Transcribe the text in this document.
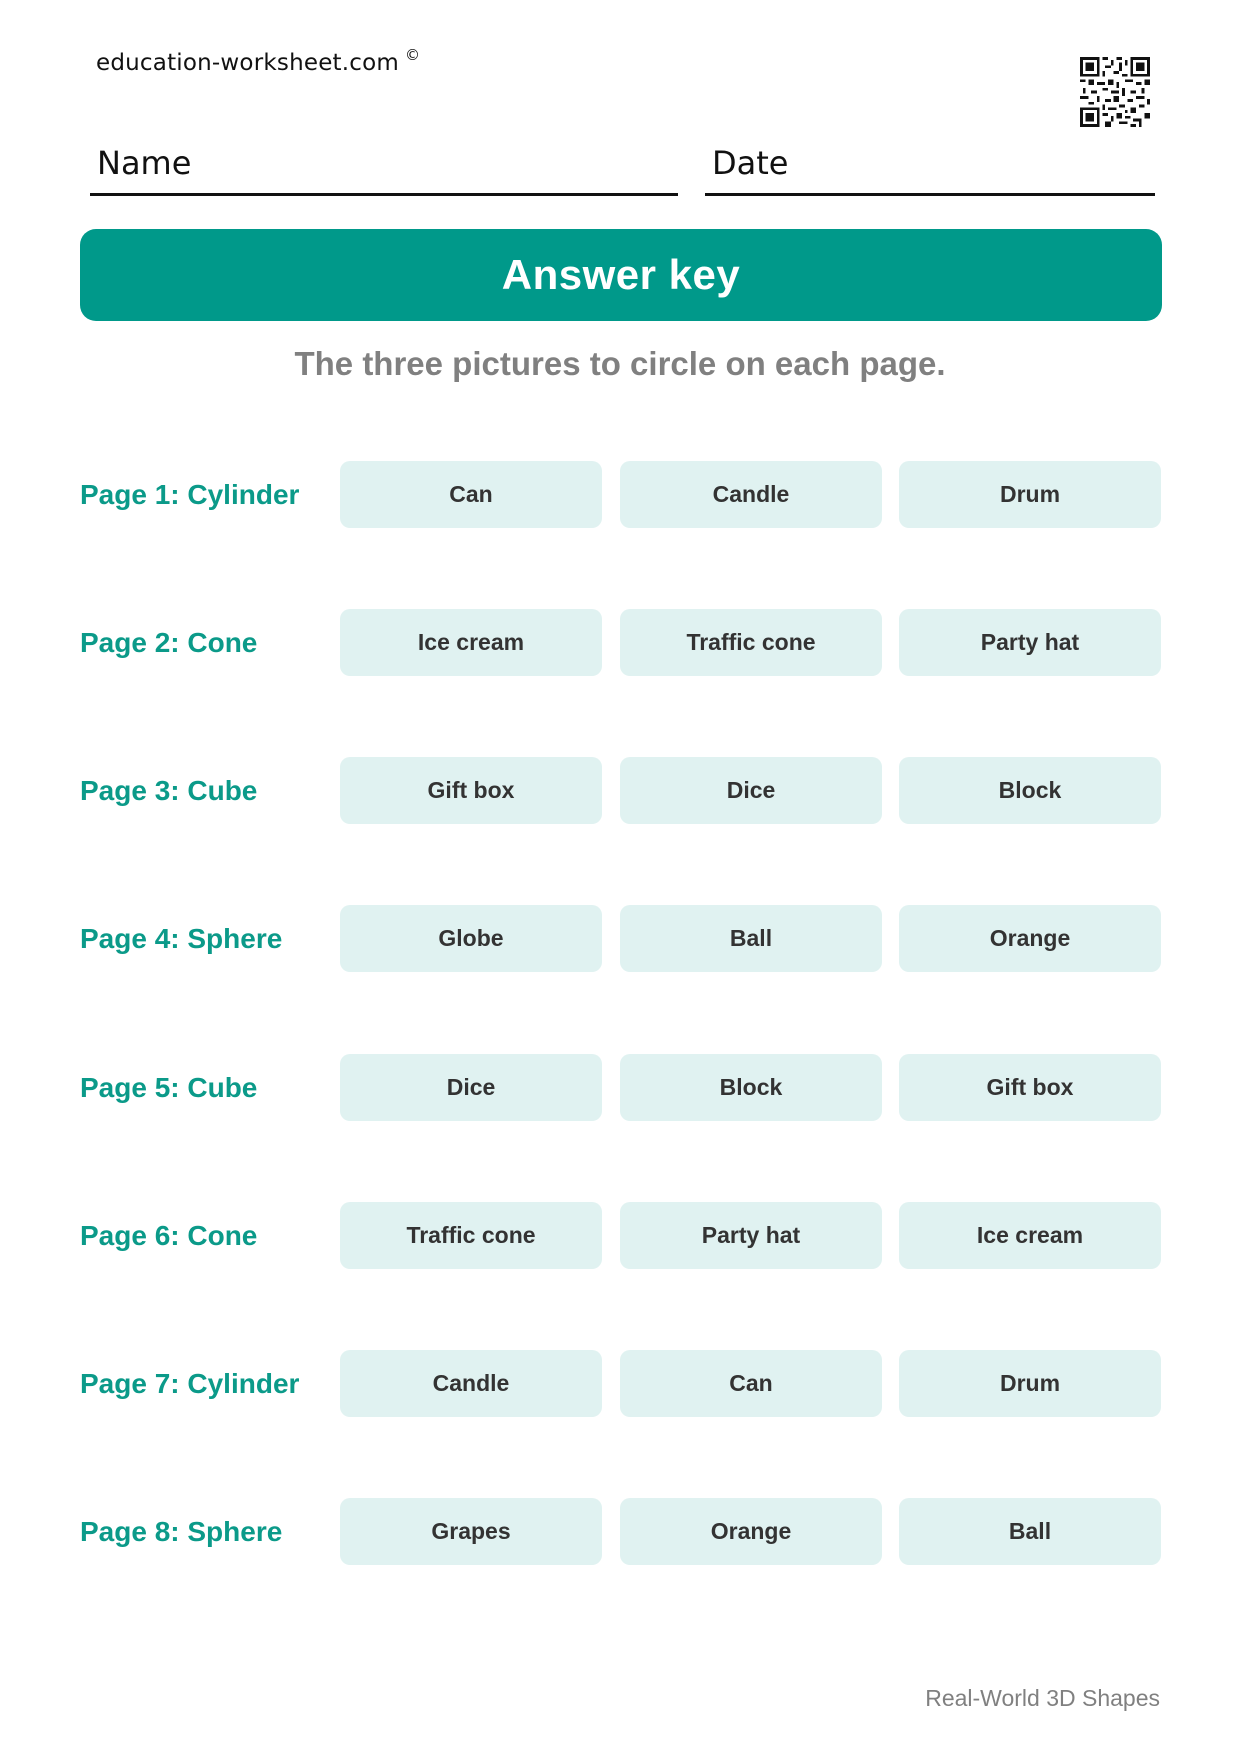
education-worksheet.com ©
Name	Date
Answer key
The three pictures to circle on each page.
Page 1: Cylinder	Can	Candle	Drum
Page 2: Cone	Ice cream	Traffic cone	Party hat
Page 3: Cube	Gift box	Dice	Block
Page 4: Sphere	Globe	Ball	Orange
Page 5: Cube	Dice	Block	Gift box
Page 6: Cone	Traffic cone	Party hat	Ice cream
Page 7: Cylinder	Candle	Can	Drum
Page 8: Sphere	Grapes	Orange	Ball
Real-World 3D Shapes
